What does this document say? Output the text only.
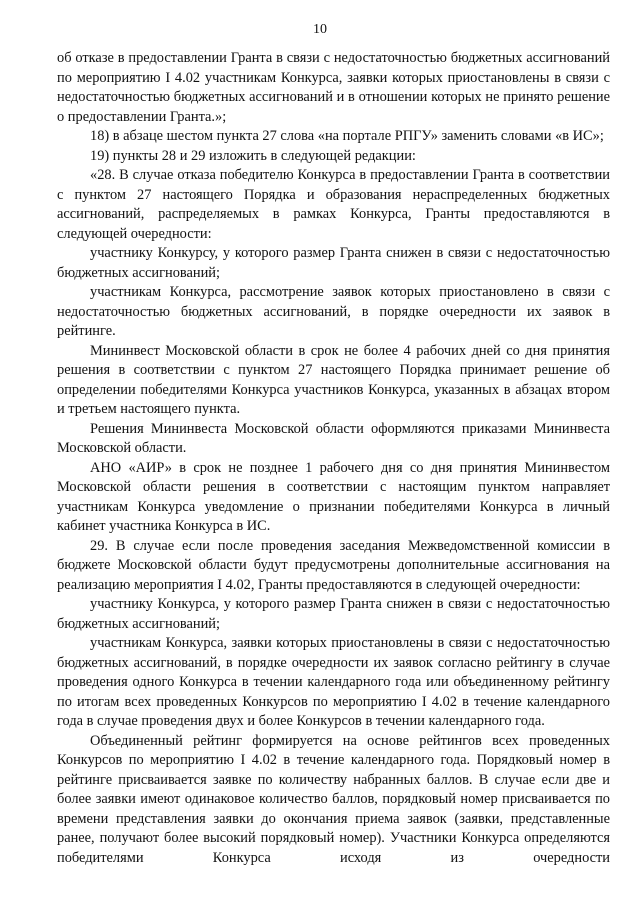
10

об отказе в предоставлении Гранта в связи с недостаточностью бюджетных ассигнований по мероприятию I 4.02 участникам Конкурса, заявки которых приостановлены в связи с недостаточностью бюджетных ассигнований и в отношении которых не принято решение о предоставлении Гранта.»;

18) в абзаце шестом пункта 27 слова «на портале РПГУ» заменить словами «в ИС»;

19) пункты 28 и 29 изложить в следующей редакции:

«28. В случае отказа победителю Конкурса в предоставлении Гранта в соответствии с пунктом 27 настоящего Порядка и образования нераспределенных бюджетных ассигнований, распределяемых в рамках Конкурса, Гранты предоставляются в следующей очередности:

участнику Конкурсу, у которого размер Гранта снижен в связи с недостаточностью бюджетных ассигнований;

участникам Конкурса, рассмотрение заявок которых приостановлено в связи с недостаточностью бюджетных ассигнований, в порядке очередности их заявок в рейтинге.

Мининвест Московской области в срок не более 4 рабочих дней со дня принятия решения в соответствии с пунктом 27 настоящего Порядка принимает решение об определении победителями Конкурса участников Конкурса, указанных в абзацах втором и третьем настоящего пункта.

Решения Мининвеста Московской области оформляются приказами Мининвеста Московской области.

АНО «АИР» в срок не позднее 1 рабочего дня со дня принятия Мининвестом Московской области решения в соответствии с настоящим пунктом направляет участникам Конкурса уведомление о признании победителями Конкурса в личный кабинет участника Конкурса в ИС.

29. В случае если после проведения заседания Межведомственной комиссии в бюджете Московской области будут предусмотрены дополнительные ассигнования на реализацию мероприятия I 4.02, Гранты предоставляются в следующей очередности:

участнику Конкурса, у которого размер Гранта снижен в связи с недостаточностью бюджетных ассигнований;

участникам Конкурса, заявки которых приостановлены в связи с недостаточностью бюджетных ассигнований, в порядке очередности их заявок согласно рейтингу в случае проведения одного Конкурса в течении календарного года или объединенному рейтингу по итогам всех проведенных Конкурсов по мероприятию I 4.02 в течение календарного года в случае проведения двух и более Конкурсов в течении календарного года.

Объединенный рейтинг формируется на основе рейтингов всех проведенных Конкурсов по мероприятию I 4.02 в течение календарного года. Порядковый номер в рейтинге присваивается заявке по количеству набранных баллов. В случае если две и более заявки имеют одинаковое количество баллов, порядковый номер присваивается по времени представления заявки до окончания приема заявок (заявки, представленные ранее, получают более высокий порядковый номер). Участники Конкурса определяются победителями Конкурса исходя из очередности
